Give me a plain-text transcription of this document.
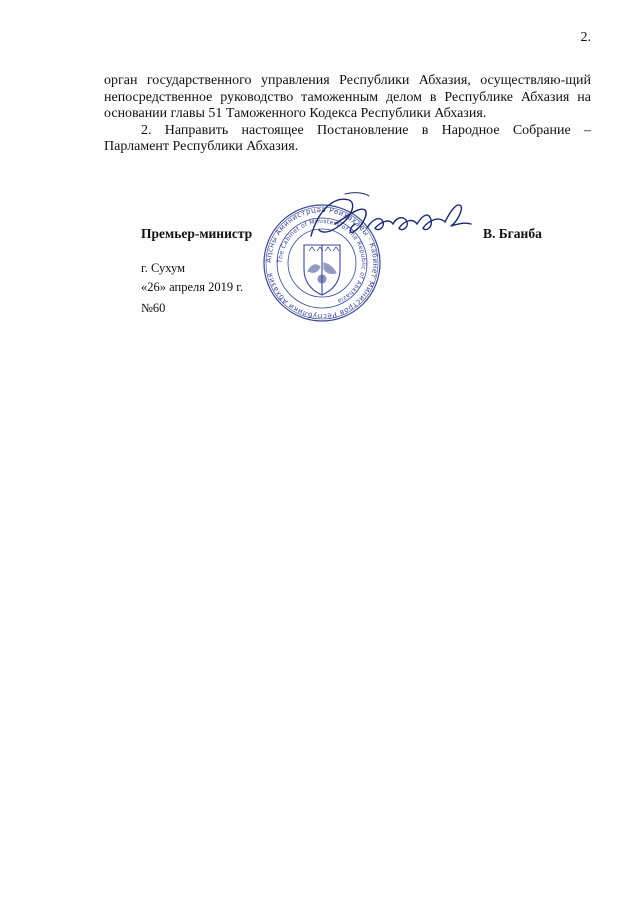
2.

орган государственного управления Республики Абхазия, осуществляю-щий непосредственное руководство таможенным делом в Республике Абхазия на основании главы 51 Таможенного Кодекса Республики Абхазия.

2. Направить настоящее Постановление в Народное Собрание – Парламент Республики Абхазия.

Аԥсны Аминистрцәа Реиҳаҳаҿы · Кабинет Министров Республики Абхазия
The Cabinet of Ministers of the Republic of Abkhazia
Премьер-министр	В. Бганба
г. Сухум
«26» апреля 2019 г.
№60
